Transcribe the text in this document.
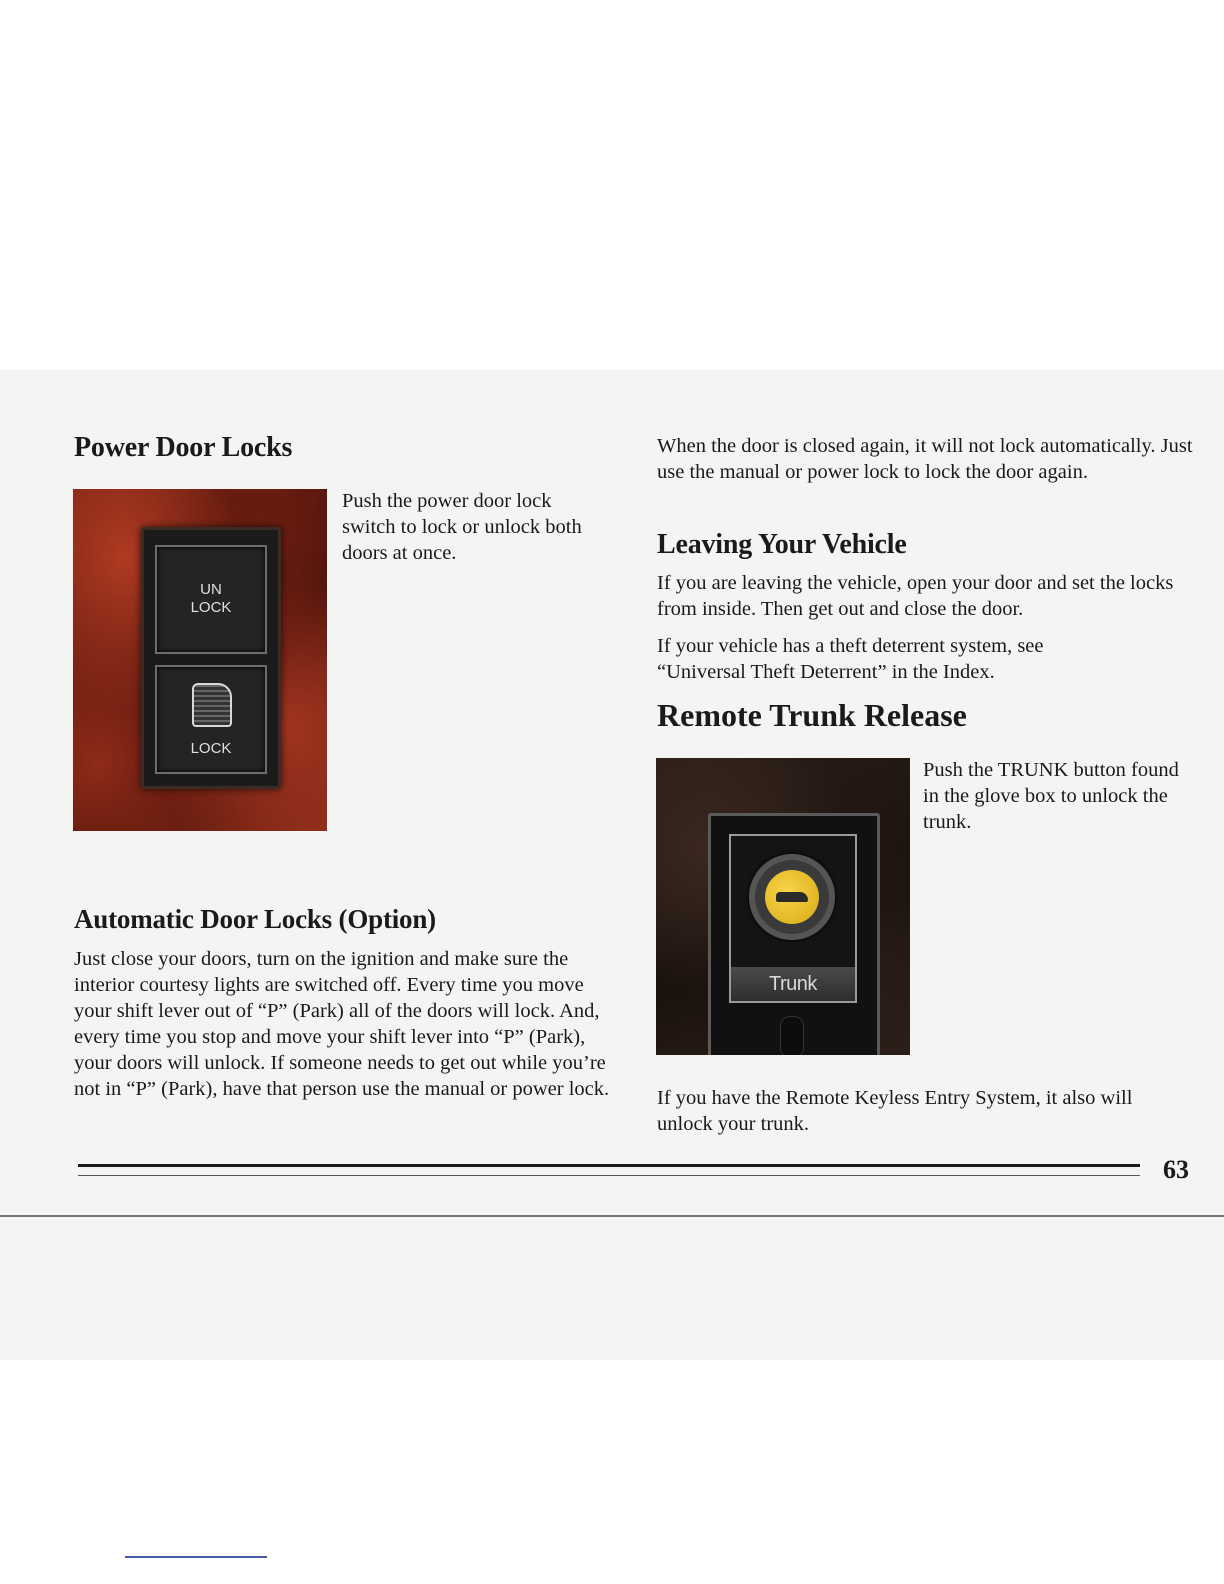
Power Door Locks
UN LOCK
LOCK

Push the power door lock switch to lock or unlock both doors at once.

Automatic Door Locks (Option)

Just close your doors, turn on the ignition and make sure the interior courtesy lights are switched off. Every time you move your shift lever out of “P” (Park) all of the doors will lock. And, every time you stop and move your shift lever into “P” (Park), your doors will unlock. If someone needs to get out while you’re not in “P” (Park), have that person use the manual or power lock.

When the door is closed again, it will not lock automatically. Just use the manual or power lock to lock the door again.

Leaving Your Vehicle

If you are leaving the vehicle, open your door and set the locks from inside. Then get out and close the door.

If your vehicle has a theft deterrent system, see “Universal Theft Deterrent” in the Index.

Remote Trunk Release
Trunk

Push the TRUNK button found in the glove box to unlock the trunk.

If you have the Remote Keyless Entry System, it also will unlock your trunk.

63
